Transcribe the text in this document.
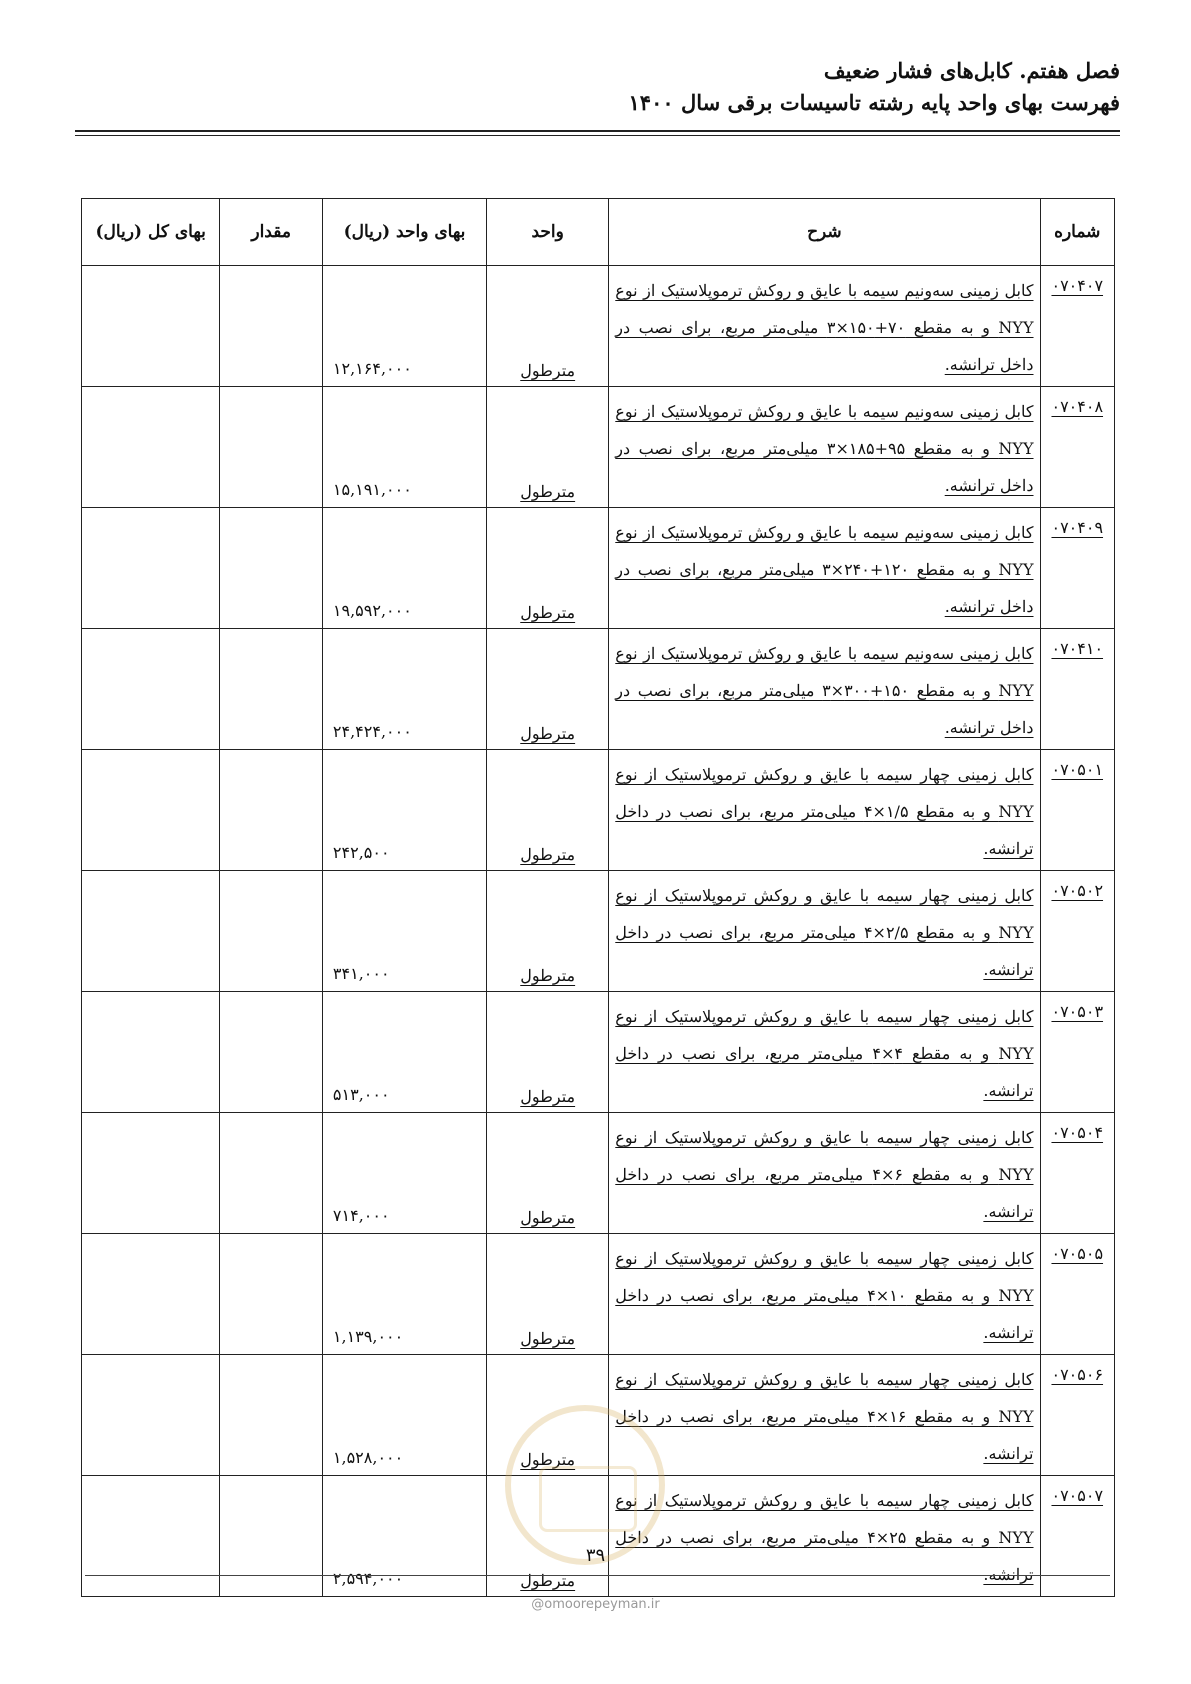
فصل هفتم. کابل‌های فشار ضعیف
فهرست بهای واحد پایه رشته تاسیسات برقی سال ۱۴۰۰
شماره	شرح	واحد	بهای واحد (ریال)	مقدار	بهای کل (ریال)
۰۷۰۴۰۷	کابل زمینی سه‌ونیم سیمه با عایق و روکش ترموپلاستیک از نوع NYY و به مقطع ۷۰+۱۵۰×۳ میلی‌متر مربع، برای نصب در داخل ترانشه.	مترطول	۱۲,۱۶۴,۰۰۰		
۰۷۰۴۰۸	کابل زمینی سه‌ونیم سیمه با عایق و روکش ترموپلاستیک از نوع NYY و به مقطع ۹۵+۱۸۵×۳ میلی‌متر مربع، برای نصب در داخل ترانشه.	مترطول	۱۵,۱۹۱,۰۰۰		
۰۷۰۴۰۹	کابل زمینی سه‌ونیم سیمه با عایق و روکش ترموپلاستیک از نوع NYY و به مقطع ۱۲۰+۲۴۰×۳ میلی‌متر مربع، برای نصب در داخل ترانشه.	مترطول	۱۹,۵۹۲,۰۰۰		
۰۷۰۴۱۰	کابل زمینی سه‌ونیم سیمه با عایق و روکش ترموپلاستیک از نوع NYY و به مقطع ۱۵۰+۳۰۰×۳ میلی‌متر مربع، برای نصب در داخل ترانشه.	مترطول	۲۴,۴۲۴,۰۰۰		
۰۷۰۵۰۱	کابل زمینی چهار سیمه با عایق و روکش ترموپلاستیک از نوع NYY و به مقطع ۱/۵×۴ میلی‌متر مربع، برای نصب در داخل ترانشه.	مترطول	۲۴۲,۵۰۰		
۰۷۰۵۰۲	کابل زمینی چهار سیمه با عایق و روکش ترموپلاستیک از نوع NYY و به مقطع ۲/۵×۴ میلی‌متر مربع، برای نصب در داخل ترانشه.	مترطول	۳۴۱,۰۰۰		
۰۷۰۵۰۳	کابل زمینی چهار سیمه با عایق و روکش ترموپلاستیک از نوع NYY و به مقطع ۴×۴ میلی‌متر مربع، برای نصب در داخل ترانشه.	مترطول	۵۱۳,۰۰۰		
۰۷۰۵۰۴	کابل زمینی چهار سیمه با عایق و روکش ترموپلاستیک از نوع NYY و به مقطع ۶×۴ میلی‌متر مربع، برای نصب در داخل ترانشه.	مترطول	۷۱۴,۰۰۰		
۰۷۰۵۰۵	کابل زمینی چهار سیمه با عایق و روکش ترموپلاستیک از نوع NYY و به مقطع ۱۰×۴ میلی‌متر مربع، برای نصب در داخل ترانشه.	مترطول	۱,۱۳۹,۰۰۰		
۰۷۰۵۰۶	کابل زمینی چهار سیمه با عایق و روکش ترموپلاستیک از نوع NYY و به مقطع ۱۶×۴ میلی‌متر مربع، برای نصب در داخل ترانشه.	مترطول	۱,۵۲۸,۰۰۰		
۰۷۰۵۰۷	کابل زمینی چهار سیمه با عایق و روکش ترموپلاستیک از نوع NYY و به مقطع ۲۵×۴ میلی‌متر مربع، برای نصب در داخل ترانشه.	مترطول	۲,۵۹۴,۰۰۰		
۳۹
@omoorepeyman.ir
